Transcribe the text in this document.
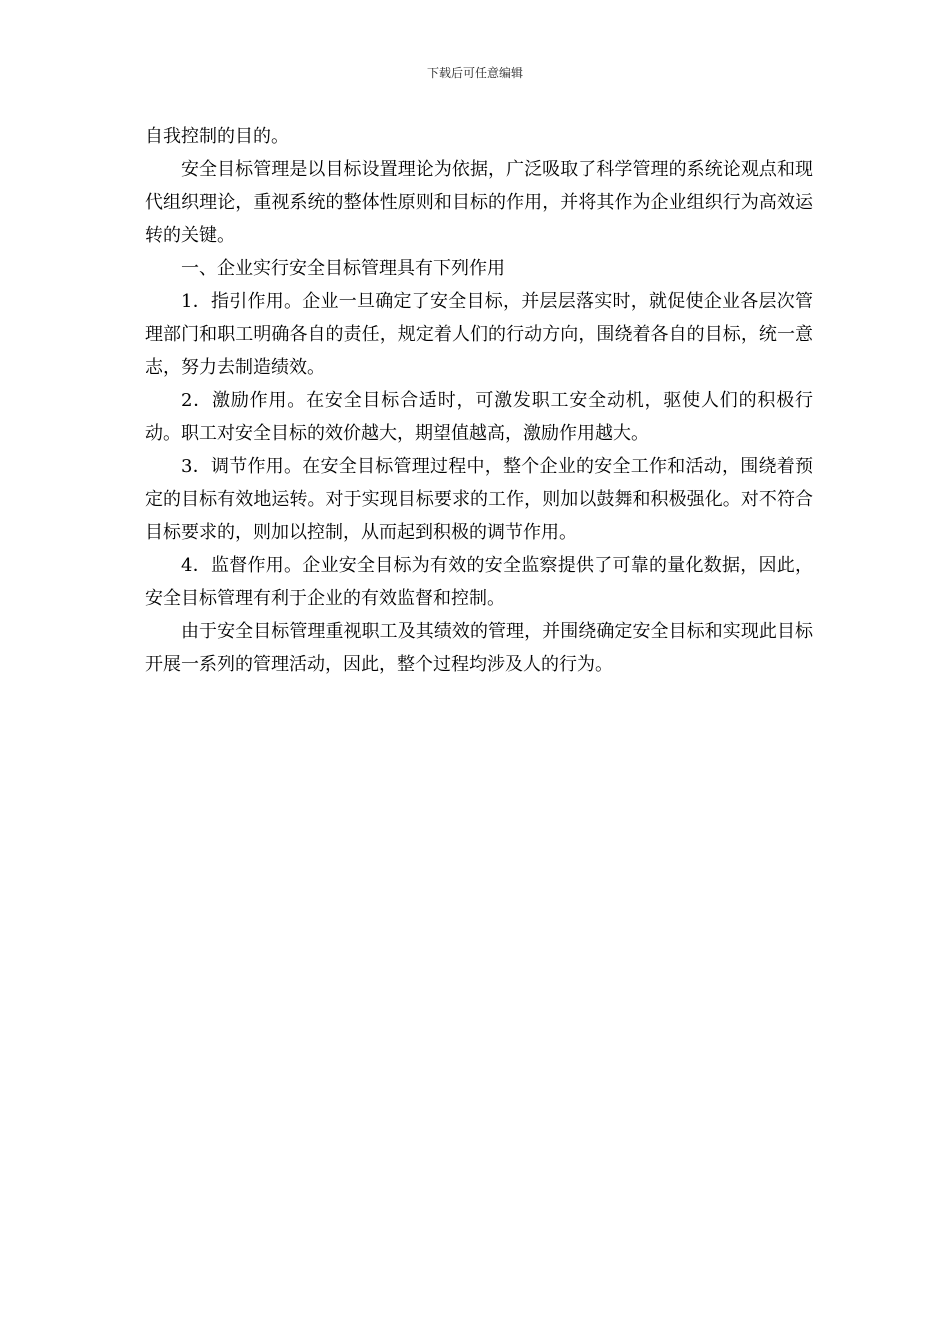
下载后可任意编辑

自我控制的目的。

安全目标管理是以目标设置理论为依据，广泛吸取了科学管理的系统论观点和现代组织理论，重视系统的整体性原则和目标的作用，并将其作为企业组织行为高效运转的关键。

一、企业实行安全目标管理具有下列作用

1．指引作用。企业一旦确定了安全目标，并层层落实时，就促使企业各层次管理部门和职工明确各自的责任，规定着人们的行动方向，围绕着各自的目标，统一意志，努力去制造绩效。

2．激励作用。在安全目标合适时，可激发职工安全动机，驱使人们的积极行动。职工对安全目标的效价越大，期望值越高，激励作用越大。

3．调节作用。在安全目标管理过程中，整个企业的安全工作和活动，围绕着预定的目标有效地运转。对于实现目标要求的工作，则加以鼓舞和积极强化。对不符合目标要求的，则加以控制，从而起到积极的调节作用。

4．监督作用。企业安全目标为有效的安全监察提供了可靠的量化数据，因此，安全目标管理有利于企业的有效监督和控制。

由于安全目标管理重视职工及其绩效的管理，并围绕确定安全目标和实现此目标开展一系列的管理活动，因此，整个过程均涉及人的行为。
